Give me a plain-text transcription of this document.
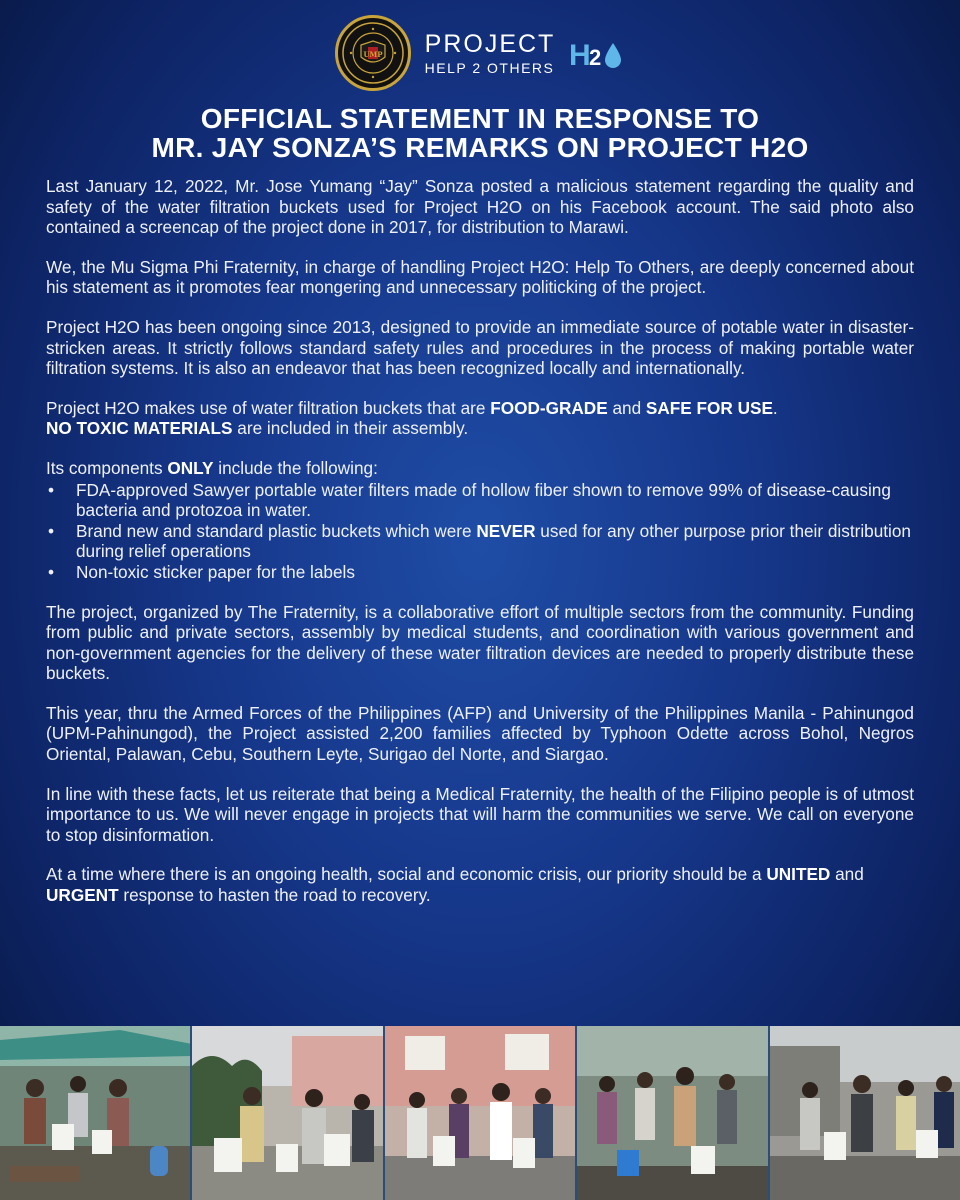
UMP PROJECT
HELP 2 OTHERS H
2
OFFICIAL STATEMENT IN RESPONSE TO
MR. JAY SONZA’S REMARKS ON PROJECT H2O

Last January 12, 2022, Mr. Jose Yumang “Jay” Sonza posted a malicious statement regarding the quality and safety of the water filtration buckets used for Project H2O on his Facebook account. The said photo also contained a screencap of the project done in 2017, for distribution to Marawi.

We, the Mu Sigma Phi Fraternity, in charge of handling Project H2O: Help To Others, are deeply concerned about his statement as it promotes fear mongering and unnecessary politicking of the project.

Project H2O has been ongoing since 2013, designed to provide an immediate source of potable water in disaster-stricken areas. It strictly follows standard safety rules and procedures in the process of making portable water filtration systems. It is also an endeavor that has been recognized locally and internationally.

Project H2O makes use of water filtration buckets that are FOOD-GRADE and SAFE FOR USE.
NO TOXIC MATERIALS are included in their assembly.

Its components ONLY include the following:

• FDA-approved Sawyer portable water filters made of hollow fiber shown to remove 99% of disease-causing bacteria and protozoa in water.
• Brand new and standard plastic buckets which were NEVER used for any other purpose prior their distribution during relief operations
• Non-toxic sticker paper for the labels

The project, organized by The Fraternity, is a collaborative effort of multiple sectors from the community. Funding from public and private sectors, assembly by medical students, and coordination with various government and non-government agencies for the delivery of these water filtration devices are needed to properly distribute these buckets.

This year, thru the Armed Forces of the Philippines (AFP) and University of the Philippines Manila - Pahinungod (UPM-Pahinungod), the Project assisted 2,200 families affected by Typhoon Odette across Bohol, Negros Oriental, Palawan, Cebu, Southern Leyte, Surigao del Norte, and Siargao.

In line with these facts, let us reiterate that being a Medical Fraternity, the health of the Filipino people is of utmost importance to us. We will never engage in projects that will harm the communities we serve. We call on everyone to stop disinformation.

At a time where there is an ongoing health, social and economic crisis, our priority should be a UNITED and
URGENT response to hasten the road to recovery.
